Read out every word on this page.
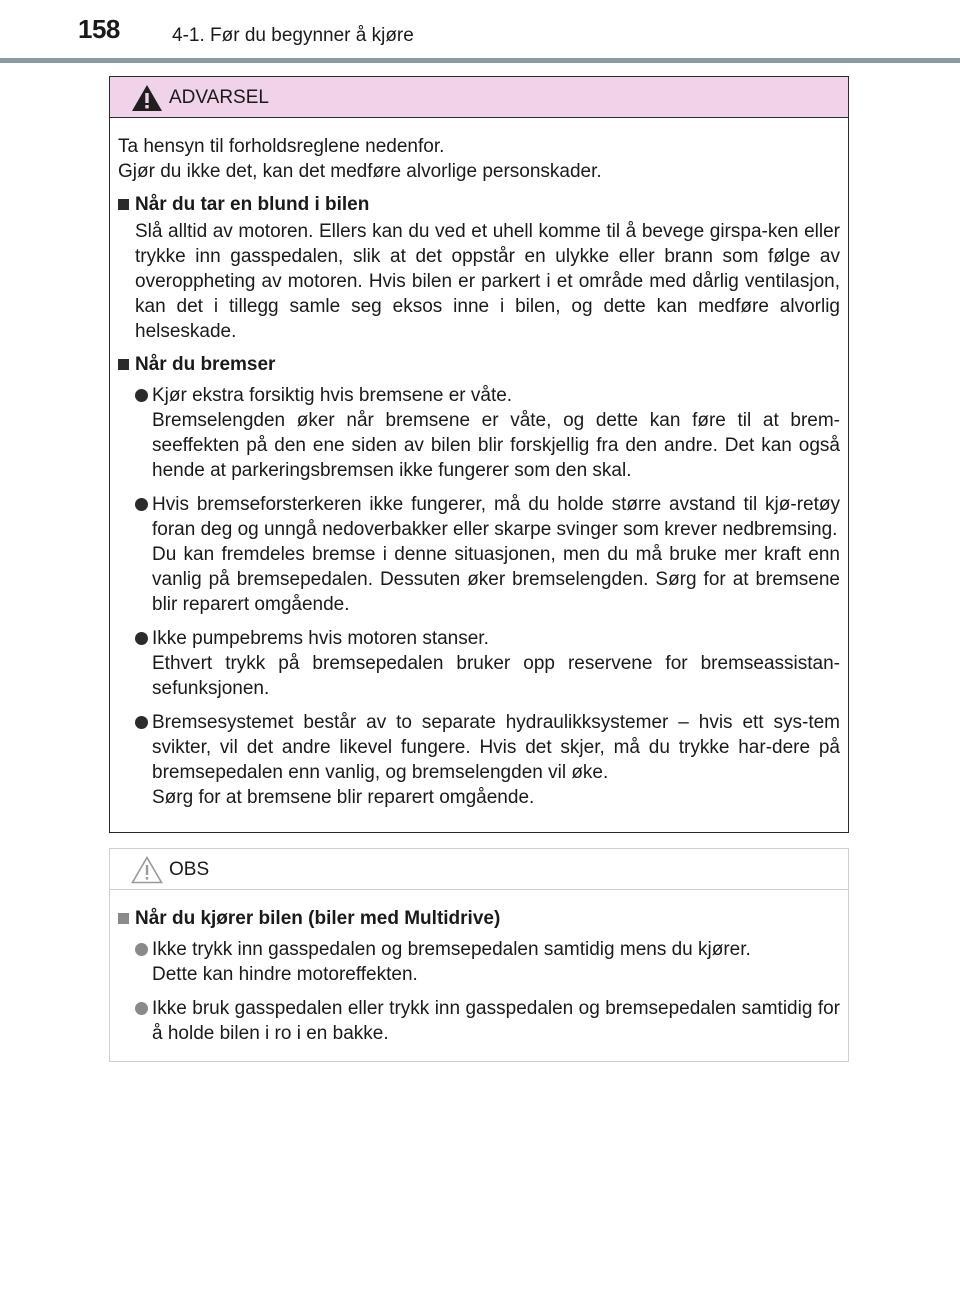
158	4-1. Før du begynner å kjøre
ADVARSEL

Ta hensyn til forholdsreglene nedenfor.

Gjør du ikke det, kan det medføre alvorlige personskader.

Når du tar en blund i bilen
Slå alltid av motoren. Ellers kan du ved et uhell komme til å bevege girspa-ken eller trykke inn gasspedalen, slik at det oppstår en ulykke eller brann som følge av overoppheting av motoren. Hvis bilen er parkert i et område med dårlig ventilasjon, kan det i tillegg samle seg eksos inne i bilen, og dette kan medføre alvorlig helseskade.
Når du bremser

Kjør ekstra forsiktig hvis bremsene er våte.

Bremselengden øker når bremsene er våte, og dette kan føre til at brem-seeffekten på den ene siden av bilen blir forskjellig fra den andre. Det kan også hende at parkeringsbremsen ikke fungerer som den skal.

Hvis bremseforsterkeren ikke fungerer, må du holde større avstand til kjø-retøy foran deg og unngå nedoverbakker eller skarpe svinger som krever nedbremsing.

Du kan fremdeles bremse i denne situasjonen, men du må bruke mer kraft enn vanlig på bremsepedalen. Dessuten øker bremselengden. Sørg for at bremsene blir reparert omgående.

Ikke pumpebrems hvis motoren stanser.

Ethvert trykk på bremsepedalen bruker opp reservene for bremseassistan-sefunksjonen.

Bremsesystemet består av to separate hydraulikksystemer – hvis ett sys-tem svikter, vil det andre likevel fungere. Hvis det skjer, må du trykke har-dere på bremsepedalen enn vanlig, og bremselengden vil øke.

Sørg for at bremsene blir reparert omgående.

OBS
Når du kjører bilen (biler med Multidrive)

Ikke trykk inn gasspedalen og bremsepedalen samtidig mens du kjører.

Dette kan hindre motoreffekten.

Ikke bruk gasspedalen eller trykk inn gasspedalen og bremsepedalen samtidig for å holde bilen i ro i en bakke.
